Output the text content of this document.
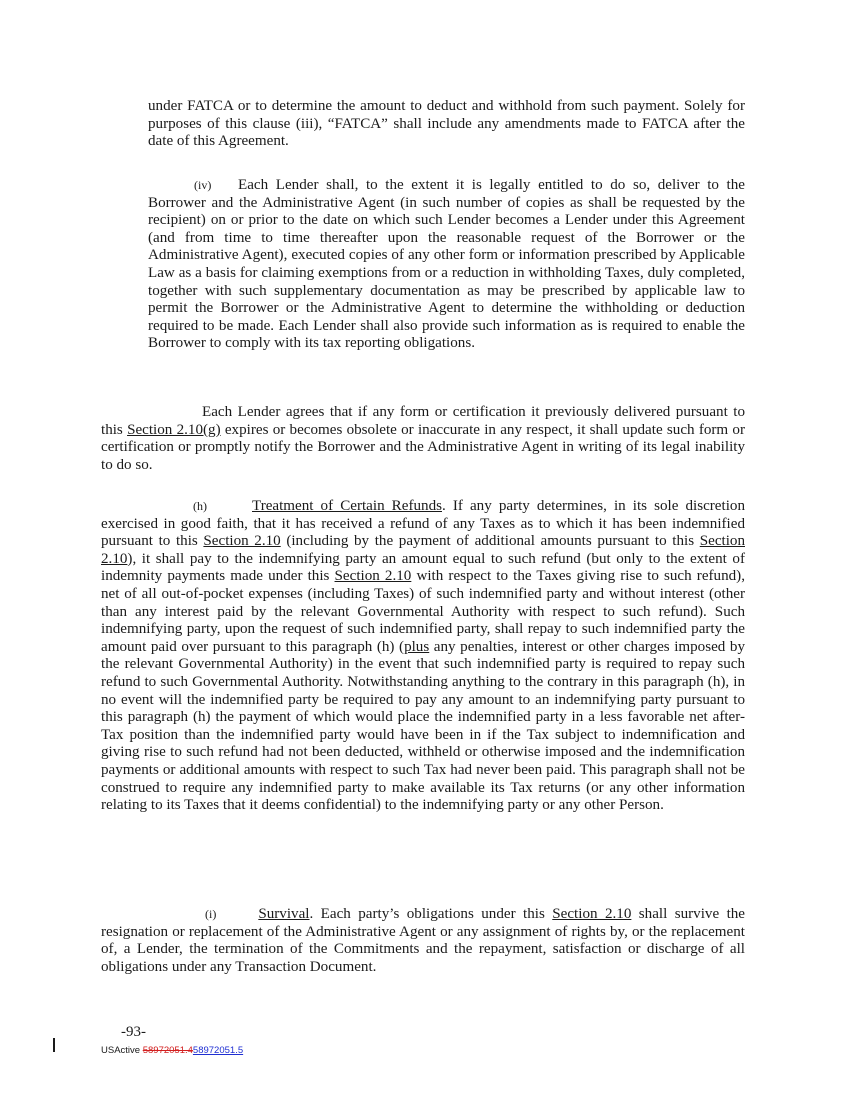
under FATCA or to determine the amount to deduct and withhold from such payment. Solely for purposes of this clause (iii), “FATCA” shall include any amendments made to FATCA after the date of this Agreement.

(iv) Each Lender shall, to the extent it is legally entitled to do so, deliver to the Borrower and the Administrative Agent (in such number of copies as shall be requested by the recipient) on or prior to the date on which such Lender becomes a Lender under this Agreement (and from time to time thereafter upon the reasonable request of the Borrower or the Administrative Agent), executed copies of any other form or information prescribed by Applicable Law as a basis for claiming exemptions from or a reduction in withholding Taxes, duly completed, together with such supplementary documentation as may be prescribed by applicable law to permit the Borrower or the Administrative Agent to determine the withholding or deduction required to be made. Each Lender shall also provide such information as is required to enable the Borrower to comply with its tax reporting obligations.

Each Lender agrees that if any form or certification it previously delivered pursuant to this Section 2.10(g) expires or becomes obsolete or inaccurate in any respect, it shall update such form or certification or promptly notify the Borrower and the Administrative Agent in writing of its legal inability to do so.

(h)	Treatment of Certain Refunds. If any party determines, in its sole discretion exercised in good faith, that it has received a refund of any Taxes as to which it has been indemnified pursuant to this Section 2.10 (including by the payment of additional amounts pursuant to this Section 2.10), it shall pay to the indemnifying party an amount equal to such refund (but only to the extent of indemnity payments made under this Section 2.10 with respect to the Taxes giving rise to such refund), net of all out-of-pocket expenses (including Taxes) of such indemnified party and without interest (other than any interest paid by the relevant Governmental Authority with respect to such refund). Such indemnifying party, upon the request of such indemnified party, shall repay to such indemnified party the amount paid over pursuant to this paragraph (h) (plus any penalties, interest or other charges imposed by the relevant Governmental Authority) in the event that such indemnified party is required to repay such refund to such Governmental Authority. Notwithstanding anything to the contrary in this paragraph (h), in no event will the indemnified party be required to pay any amount to an indemnifying party pursuant to this paragraph (h) the payment of which would place the indemnified party in a less favorable net after-Tax position than the indemnified party would have been in if the Tax subject to indemnification and giving rise to such refund had not been deducted, withheld or otherwise imposed and the indemnification payments or additional amounts with respect to such Tax had never been paid. This paragraph shall not be construed to require any indemnified party to make available its Tax returns (or any other information relating to its Taxes that it deems confidential) to the indemnifying party or any other Person.

(i)	Survival. Each party’s obligations under this Section 2.10 shall survive the resignation or replacement of the Administrative Agent or any assignment of rights by, or the replacement of, a Lender, the termination of the Commitments and the repayment, satisfaction or discharge of all obligations under any Transaction Document.

-93-
USActive 58972051.458972051.5
